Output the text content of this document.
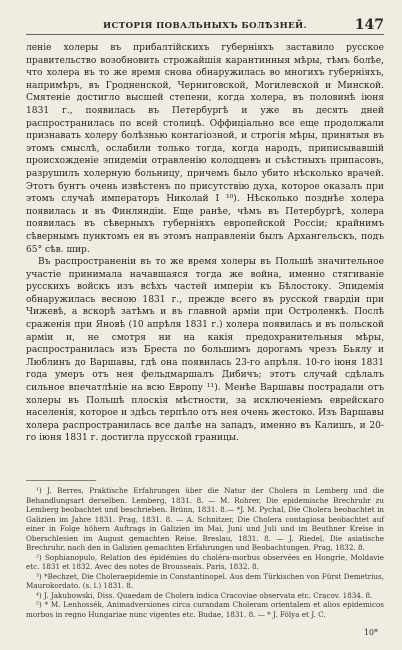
ИСТОРІЯ ПОВАЛЬНЫХЪ БОЛѢЗНЕЙ.	147

леніе холеры въ прибалтійскихъ губерніяхъ заставило русское правительство возобновить строжайшія карантинныя мѣры, тѣмъ болѣе, что холера въ то же время снова обнаружилась во многихъ губерніяхъ, напримѣръ, въ Гродненской, Черниговской, Могилевской и Минской. Смятеніе достигло высшей степени, когда холера, въ половинѣ іюня 1831 г., появилась въ Петербургѣ и уже въ десять дней распространилась по всей столицѣ. Оффиціально все еще продолжали признавать холеру болѣзнью контагіозной, и строгія мѣры, принятыя въ этомъ смыслѣ, ослабили только тогда, когда народъ, приписывавшій происхожденіе эпидеміи отравленію колодцевъ и съѣстныхъ припасовъ, разрушилъ холерную больницу, причемъ было убито нѣсколько врачей. Этотъ бунтъ очень извѣстенъ по присутствію духа, которое оказалъ при этомъ случаѣ императоръ Николай I ¹⁰). Нѣсколько позднѣе холера появилась и въ Финляндіи. Еще ранѣе, чѣмъ въ Петербургѣ, холера появилась въ сѣверныхъ губерніяхъ европейской Россіи; крайнимъ сѣвернымъ пунктомъ ея въ этомъ направленіи былъ Архангельскъ, подъ 65° сѣв. шир.

Въ распространеніи въ то же время холеры въ Польшѣ значительное участіе принимала начавшаяся тогда же война, именно стягиваніе русскихъ войскъ изъ всѣхъ частей имперіи къ Бѣлостоку. Эпидемія обнаружилась весною 1831 г., прежде всего въ русской гвардіи при Чижевѣ, а вскорѣ затѣмъ и въ главной арміи при Остроленкѣ. Послѣ сраженія при Яновѣ (10 апрѣля 1831 г.) холера появилась и въ польской арміи и, не смотря ни на какія предохранительныя мѣры, распространилась изъ Бреста по большимъ дорогамъ чрезъ Бьялу и Люблинъ до Варшавы, гдѣ она появилась 23-го апрѣля. 10-го іюня 1831 года умеръ отъ нея фельдмаршалъ Дибичъ; этотъ случай сдѣлалъ сильное впечатлѣніе на всю Европу ¹¹). Менѣе Варшавы пострадали отъ холеры въ Польшѣ плоскія мѣстности, за исключеніемъ еврейскаго населенія, которое и здѣсь терпѣло отъ нея очень жестоко. Изъ Варшавы холера распространилась все далѣе на западъ, именно въ Калишъ, и 20-го іюня 1831 г. достигла прусской границы.

¹) J. Berres, Praktische Erfahrungen über die Natur der Cholera in Lemberg und die Behandlungsart derselben. Lemberg, 1831. 8. — M. Rohrer, Die epidemische Brechruhr zu Lemberg beobachtet und beschrieben. Brünn, 1831. 8.— *J. M. Pychal, Die Cholera beobachtet in Galizien im Jahre 1831. Prag, 1831. 8. — A. Schnitzer, Die Cholera contagiosa beobachtet auf einer in Folge höhern Auftrags in Galizien im Mai, Juni und Juli und im Beuthner Kreise in Oberschlesien im August gemachten Reise. Breslau, 1831. 8. — J. Riedel, Die asiatische Brechruhr, nach den in Galizien gemachten Erfahrungen und Beobachtungen. Prag, 1832. 8.

²) Sophianopulo, Relation des épidémies du choléra-morbus observées en Hongrie, Moldavie etc. 1831 et 1832. Avec des notes de Brousseais. Paris, 1832. 8.

³) *Bechzet, Die Choleraepidemie in Constantinopel. Aus dem Türkischen von Fürst Demetrius, Maurokordato. (s. l.) 1831. 8.

⁴) J. Jakubowski, Diss. Quaedam de Cholera indica Cracoviae observata etc. Cracov. 1834. 8.

⁵) * M. Lenhossék, Animadversiones circa curandam Choleram orientalem et alios epidemicos morbos in regno Hungariae nunc vigentes etc. Budae, 1831. 8. — * J. Fölya et J. C.

10*
